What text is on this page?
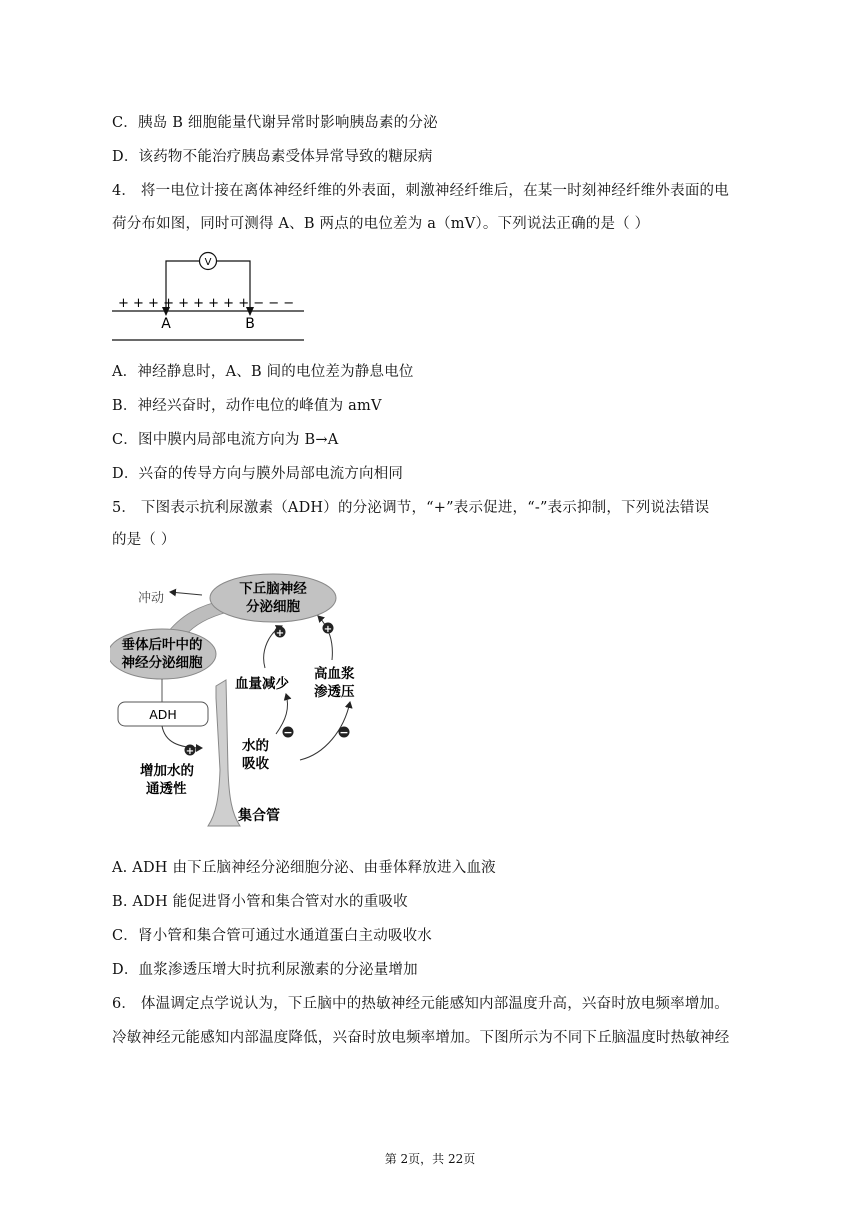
C．胰岛 B 细胞能量代谢异常时影响胰岛素的分泌
D．该药物不能治疗胰岛素受体异常导致的糖尿病
4． 将一电位计接在离体神经纤维的外表面，刺激神经纤维后，在某一时刻神经纤维外表面的电
荷分布如图，同时可测得 A、B 两点的电位差为 a（mV）。下列说法正确的是（ ）
V
+ + + + + + + + + − − −
A	B
A．神经静息时，A、B 间的电位差为静息电位
B．神经兴奋时，动作电位的峰值为 amV
C．图中膜内局部电流方向为 B→A
D．兴奋的传导方向与膜外局部电流方向相同
5． 下图表示抗利尿激素（ADH）的分泌调节，“+”表示促进，“-”表示抑制，下列说法错误
的是（ ）
冲动
下丘脑神经
分泌细胞
垂体后叶中的
神经分泌细胞
ADH
+
增加水的
通透性
集合管
血量减少
高血浆
渗透压
水的
吸收
+	+
−	−
A. ADH 由下丘脑神经分泌细胞分泌、由垂体释放进入血液
B. ADH 能促进肾小管和集合管对水的重吸收
C．肾小管和集合管可通过水通道蛋白主动吸收水
D．血浆渗透压增大时抗利尿激素的分泌量增加
6． 体温调定点学说认为，下丘脑中的热敏神经元能感知内部温度升高，兴奋时放电频率增加。
冷敏神经元能感知内部温度降低，兴奋时放电频率增加。下图所示为不同下丘脑温度时热敏神经
第 2页，共 22页
